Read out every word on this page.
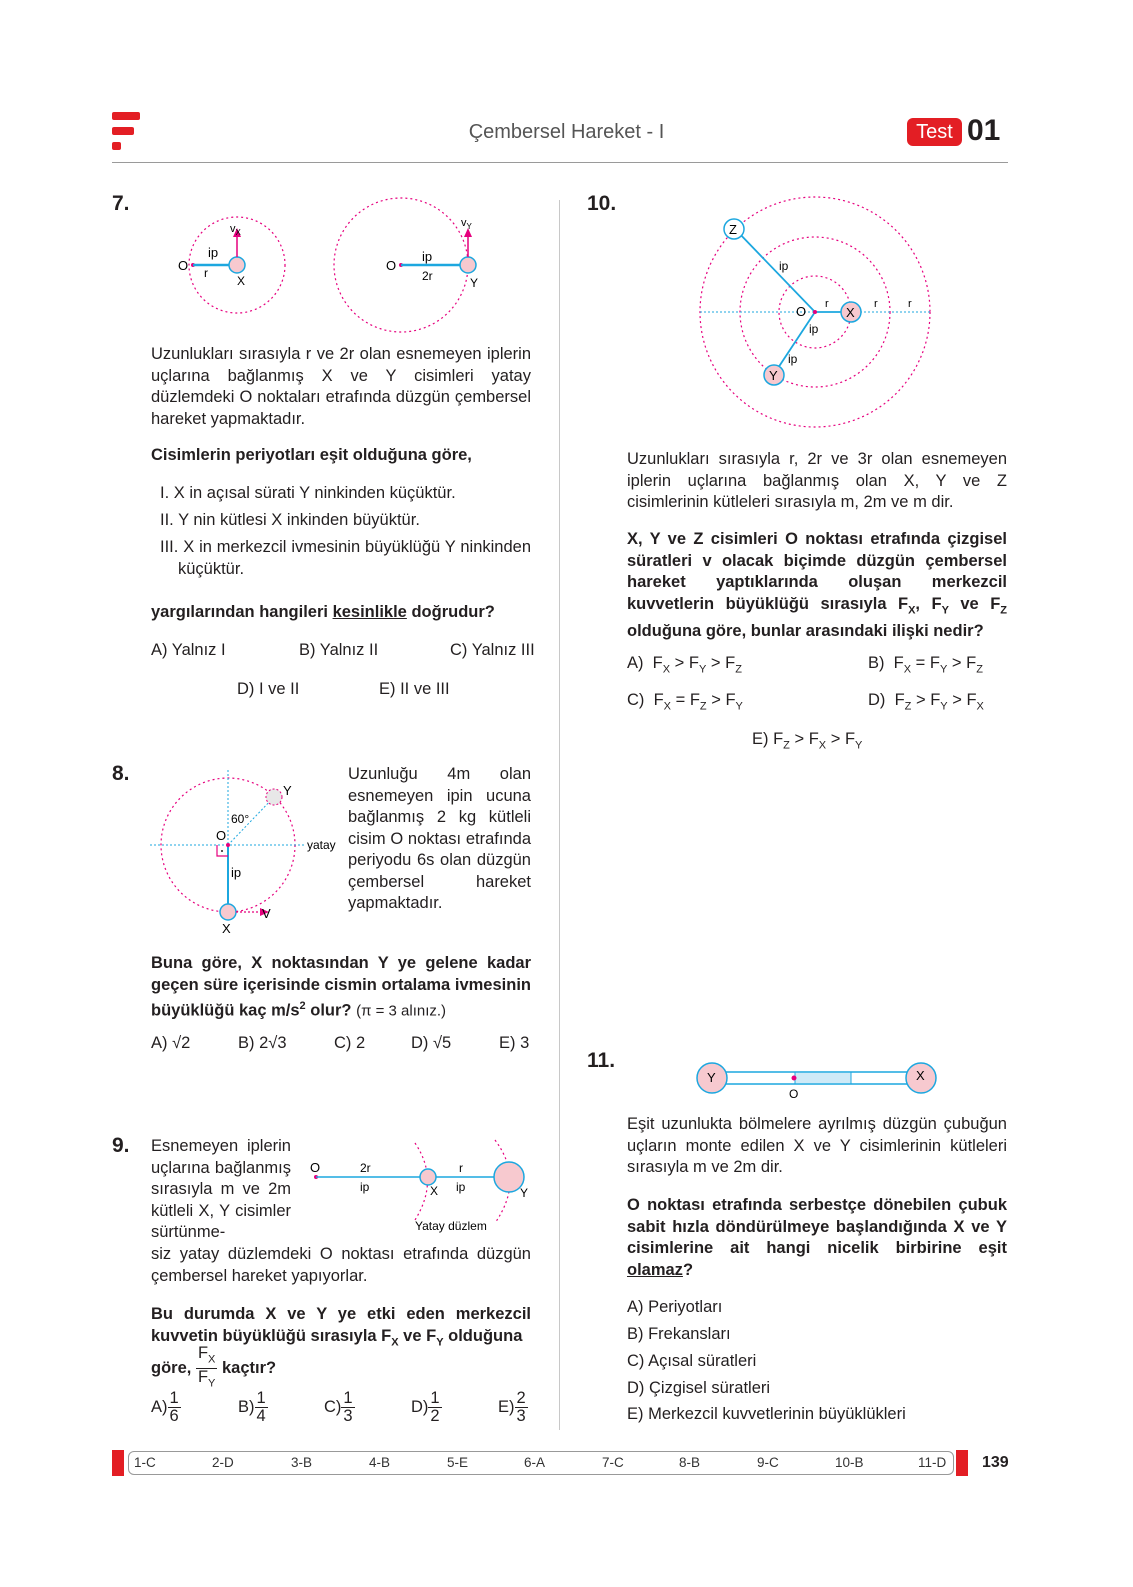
Çembersel Hareket - I	Test 01
7.
$v_X$
O
ip
r
X
$v_Y$
O
ip
2r	Y
Uzunlukları sırasıyla r ve 2r olan esnemeyen iplerin uçlarına bağlanmış X ve Y cisimleri yatay düzlemdeki O noktaları etrafında düzgün çembersel hareket yapmaktadır.
Cisimlerin periyotları eşit olduğuna göre,
I. X in açısal sürati Y ninkinden küçüktür.
II. Y nin kütlesi X inkinden büyüktür.
III. X in merkezcil ivmesinin büyüklüğü Y ninkinden küçüktür.
yargılarından hangileri kesinlikle doğrudur?
A) Yalnız I	B) Yalnız II	C) Yalnız III
D) I ve II	E) II ve III
8.
Y
60°
O
yatay
ip
X
V
Uzunluğu 4m olan esnemeyen ipin ucuna bağlanmış 2 kg kütleli cisim O noktası etrafında periyodu 6s olan düzgün çembersel hareket yapmaktadır.
Buna göre, X noktasından Y ye gelene kadar geçen süre içerisinde cismin ortalama ivmesinin büyüklüğü kaç $m/s^2$ olur? (π = 3 alınız.)
A) √2	B) 2√3	C) 2	D) √5	E) 3
9. Esnemeyen iplerin uçlarına bağlanmış sırasıyla m ve 2m kütleli X, Y cisimler sürtünme-
O	2r
ip	X
r
ip	Y
Yatay düzlem
siz yatay düzlemdeki O noktası etrafında düzgün çembersel hareket yapıyorlar.
Bu durumda X ve Y ye etki eden merkezcil kuvvetin büyüklüğü sırasıyla $F_X$ ve $F_Y$ olduğuna
göre, $\frac{F_X}{F_Y}$ kaçtır?
$A) \frac{1}{6}$	$B) \frac{1}{4}$	$C) \frac{1}{3}$	$D) \frac{1}{2}$	$E) \frac{2}{3}$
10.
Z
ip
O r
X
r	r
ip
ip
Y
Uzunlukları sırasıyla r, 2r ve 3r olan esnemeyen iplerin uçlarına bağlanmış olan X, Y ve Z cisimlerinin kütleleri sırasıyla m, 2m ve m dir.
X, Y ve Z cisimleri O noktası etrafında çizgisel süratleri v olacak biçimde düzgün çembersel hareket yaptıklarında oluşan merkezcil kuvvetlerin büyüklüğü sırasıyla $F_X$, $F_Y$ ve $F_Z$ olduğuna göre, bunlar arasındaki ilişki nedir?
A)  $F_X > F_Y > F_Z$	B)  $F_X = F_Y > F_Z$
C)  $F_X = F_Z > F_Y$	D)  $F_Z > F_Y > F_X$
E) $F_Z > F_X > F_Y$
11.
Y	X
O
Eşit uzunlukta bölmelere ayrılmış düzgün çubuğun uçların monte edilen X ve Y cisimlerinin kütleleri sırasıyla m ve 2m dir.
O noktası etrafında serbestçe dönebilen çubuk sabit hızla döndürülmeye başlandığında X ve Y cisimlerine ait hangi nicelik birbirine eşit olamaz?
A) Periyotları
B) Frekansları
C) Açısal süratleri
D) Çizgisel süratleri
E) Merkezcil kuvvetlerinin büyüklükleri
1-C	2-D	3-B	4-B	5-E	6-A	7-C	8-B	9-C	10-B	11-D 139
